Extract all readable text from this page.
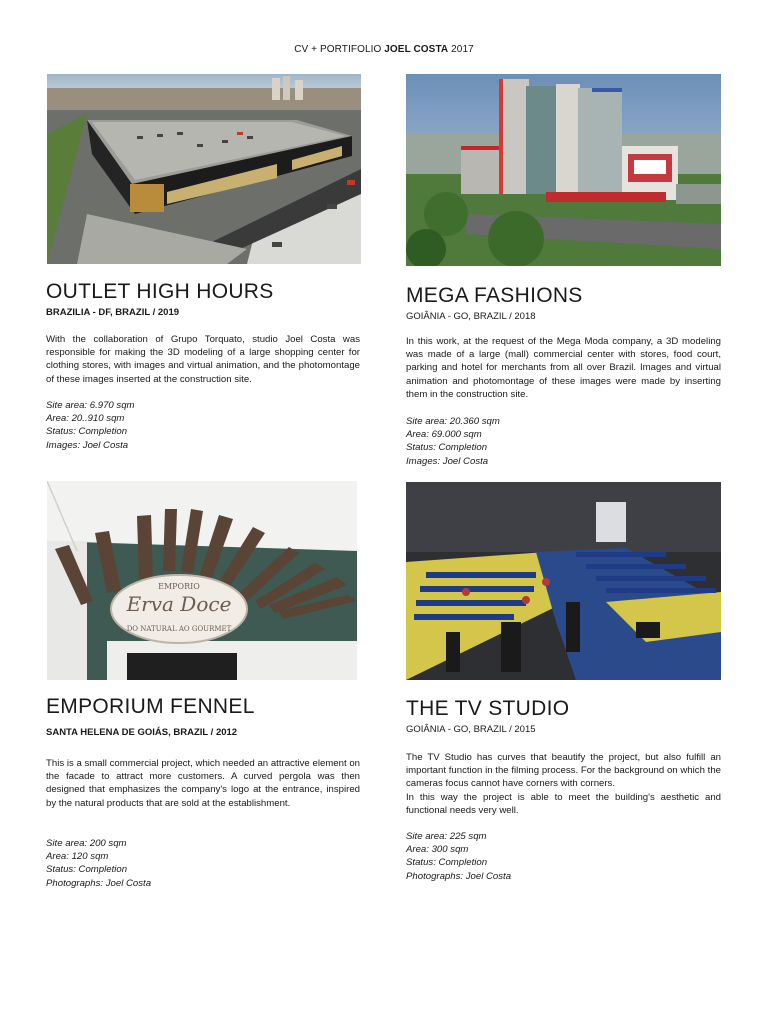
CV + PORTIFOLIO JOEL COSTA 2017
OUTLET HIGH HOURS

BRAZILIA - DF, BRAZIL / 2019

With the collaboration of Grupo Torquato, studio Joel Costa was responsible for making the 3D modeling of a large shopping center for clothing stores, with images and virtual animation, and the photomontage of these images inserted at the construction site.

Site area: 6.970 sqm
Area: 20..910 sqm
Status: Completion
Images: Joel Costa
MEGA FASHIONS

GOIÂNIA - GO, BRAZIL / 2018

In this work, at the request of the Mega Moda company, a 3D modeling was made of a large (mall) commercial center with stores, food court, parking and hotel for merchants from all over Brazil. Images and virtual animation and photomontage of these images were made by inserting them in the construction site.

Site area: 20.360 sqm
Area: 69.000 sqm
Status: Completion
Images: Joel Costa
EMPORIO
Erva Doce
DO NATURAL AO GOURMET
EMPORIUM FENNEL

SANTA HELENA DE GOIÁS, BRAZIL / 2012

This is a small commercial project, which needed an attractive element on the facade to attract more customers. A curved pergola was then designed that emphasizes the company's logo at the entrance, inspired by the natural products that are sold at the establishment.

Site area: 200 sqm
Area: 120 sqm
Status: Completion
Photographs: Joel Costa
THE TV STUDIO

GOIÂNIA - GO, BRAZIL / 2015

The TV Studio has curves that beautify the project, but also fulfill an important function in the filming process. For the background on which the cameras focus cannot have corners with corners.
In this way the project is able to meet the building's aesthetic and functional needs very well.

Site area: 225 sqm
Area: 300 sqm
Status: Completion
Photographs: Joel Costa
